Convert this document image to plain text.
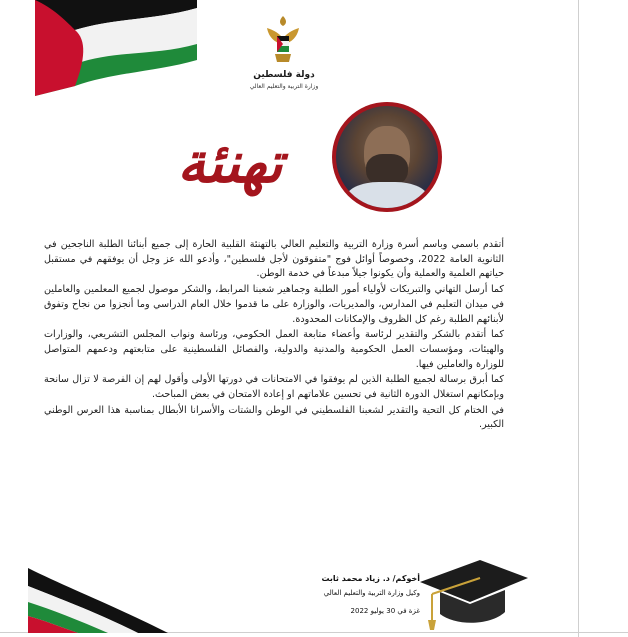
دولة فلسطين
وزارة التربية والتعليم العالي
تهنئة

أتقدم باسمي وباسم أسرة وزارة التربية والتعليم العالي بالتهنئة القلبية الحارة إلى جميع أبنائنا الطلبة الناجحين في الثانوية العامة 2022، وخصوصاً أوائل فوج "متفوقون لأجل فلسطين"، وأدعو الله عز وجل أن يوفقهم في مستقبل حياتهم العلمية والعملية وأن يكونوا جيلاً مبدعاً في خدمة الوطن.

كما أرسل التهاني والتبريكات لأولياء أمور الطلبة وجماهير شعبنا المرابط، والشكر موصول لجميع المعلمين والعاملين في ميدان التعليم في المدارس، والمديريات، والوزارة على ما قدموا خلال العام الدراسي وما أنجزوا من نجاح وتفوق لأبنائهم الطلبة رغم كل الظروف والإمكانات المحدودة.

كما أتقدم بالشكر والتقدير لرئاسة وأعضاء متابعة العمل الحكومي، ورئاسة ونواب المجلس التشريعي، والوزارات والهيئات، ومؤسسات العمل الحكومية والمدنية والدولية، والفصائل الفلسطينية على متابعتهم ودعمهم المتواصل للوزارة والعاملين فيها.

كما أبرق برسالة لجميع الطلبة الذين لم يوفقوا في الامتحانات في دورتها الأولى وأقول لهم إن الفرصة لا تزال سانحة وبإمكانهم استغلال الدورة الثانية في تحسين علاماتهم او إعادة الامتحان في بعض المباحث.

في الختام كل التحية والتقدير لشعبنا الفلسطيني في الوطن والشتات والأسرانا الأبطال بمناسبة هذا العرس الوطني الكبير.

أخوكم/ د. زياد محمد ثابت
وكيل وزارة التربية والتعليم العالي
غزة في 30 يوليو 2022
